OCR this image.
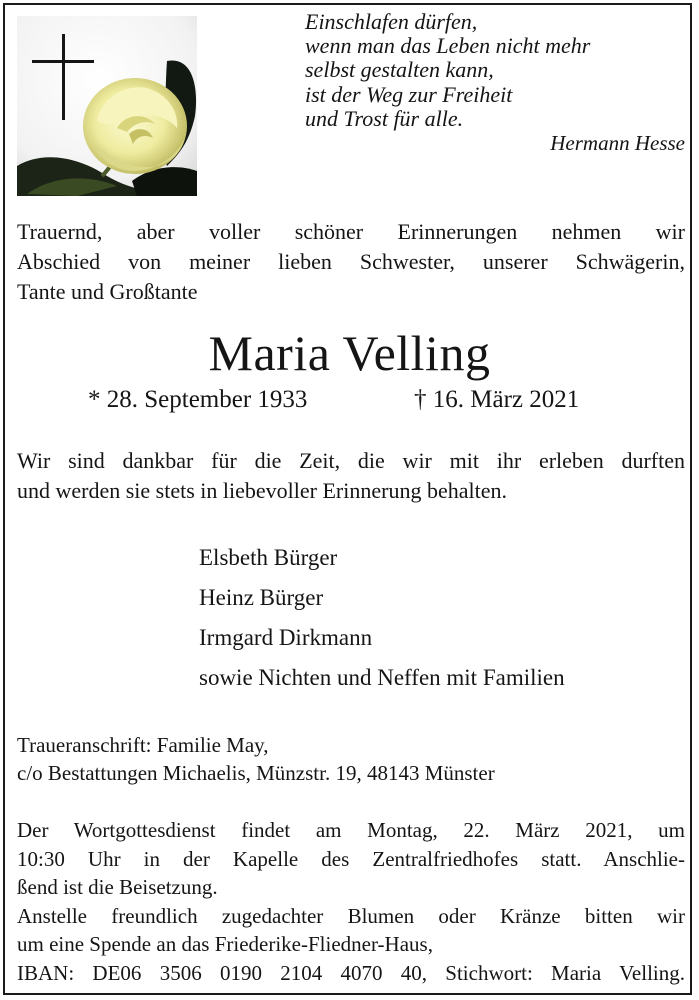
Einschlafen dürfen,
wenn man das Leben nicht mehr
selbst gestalten kann,
ist der Weg zur Freiheit
und Trost für alle.
Hermann Hesse
Trauernd, aber voller schöner Erinnerungen nehmen wir
Abschied von meiner lieben Schwester, unserer Schwägerin,
Tante und Großtante
Maria Velling
* 28. September 1933	† 16. März 2021
Wir sind dankbar für die Zeit, die wir mit ihr erleben durften
und werden sie stets in liebevoller Erinnerung behalten.
Elsbeth Bürger
Heinz Bürger
Irmgard Dirkmann
sowie Nichten und Neffen mit Familien
Traueranschrift: Familie May,
c/o Bestattungen Michaelis, Münzstr. 19, 48143 Münster
Der Wortgottesdienst findet am Montag, 22. März 2021, um
10:30 Uhr in der Kapelle des Zentralfriedhofes statt. Anschlie-
ßend ist die Beisetzung.
Anstelle freundlich zugedachter Blumen oder Kränze bitten wir
um eine Spende an das Friederike-Fliedner-Haus,
IBAN: DE06 3506 0190 2104 4070 40, Stichwort: Maria Velling.
